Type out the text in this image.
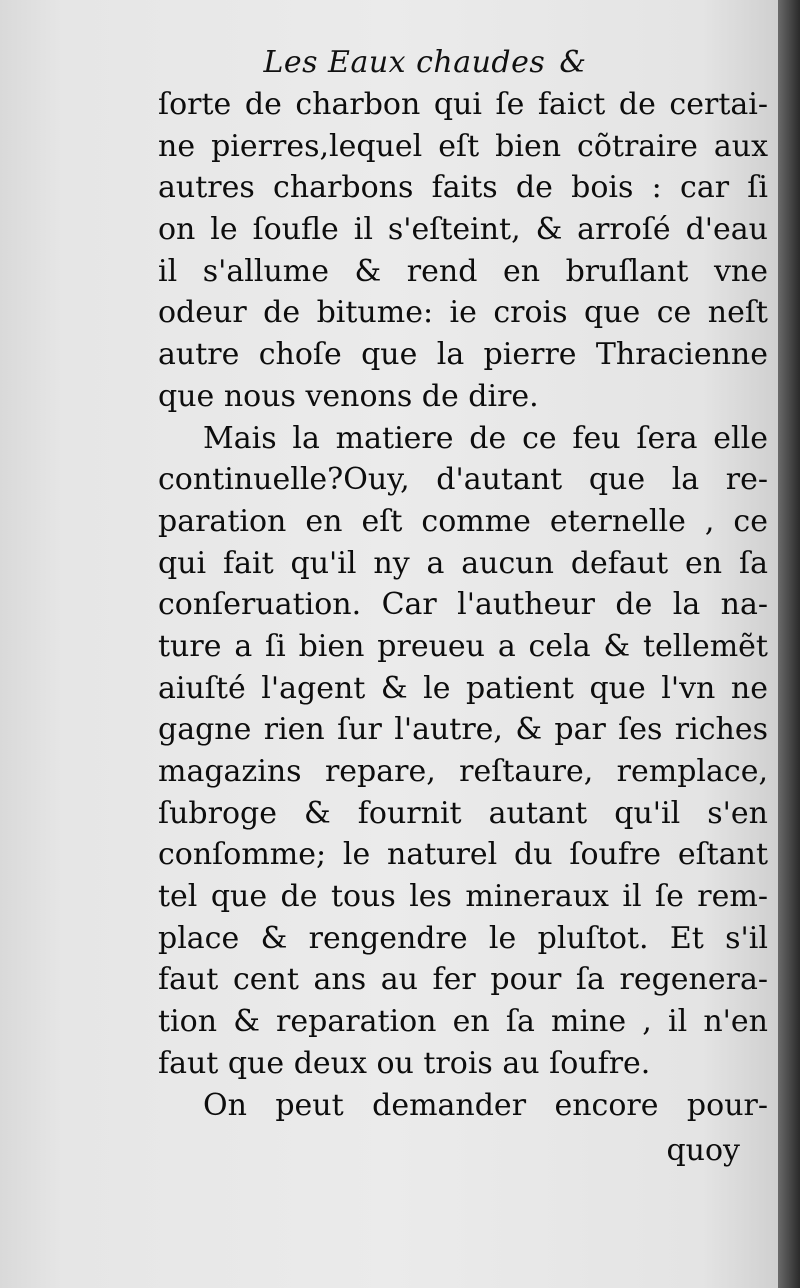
Les Eaux chaudes &
ſorte de charbon qui ſe faict de certai-
ne pierres,lequel eſt bien cõtraire aux
autres charbons faits de bois : car ſi
on le ſoufle il s'eſteint, & arroſé d'eau
il s'allume & rend en bruſlant vne
odeur de bitume: ie crois que ce neſt
autre choſe que la pierre Thracienne
que nous venons de dire.
Mais la matiere de ce feu ſera elle
continuelle?Ouy, d'autant que la re-
paration en eſt comme eternelle , ce
qui fait qu'il ny a aucun defaut en ſa
conſeruation. Car l'autheur de la na-
ture a ſi bien preueu a cela & tellemẽt
aiuſté l'agent & le patient que l'vn ne
gagne rien ſur l'autre, & par ſes riches
magazins repare, reſtaure, remplace,
ſubroge & fournit autant qu'il s'en
conſomme; le naturel du ſoufre eſtant
tel que de tous les mineraux il ſe rem-
place & rengendre le pluſtot. Et s'il
faut cent ans au fer pour ſa regenera-
tion & reparation en ſa mine , il n'en
faut que deux ou trois au ſoufre.
On peut demander encore pour-
quoy
